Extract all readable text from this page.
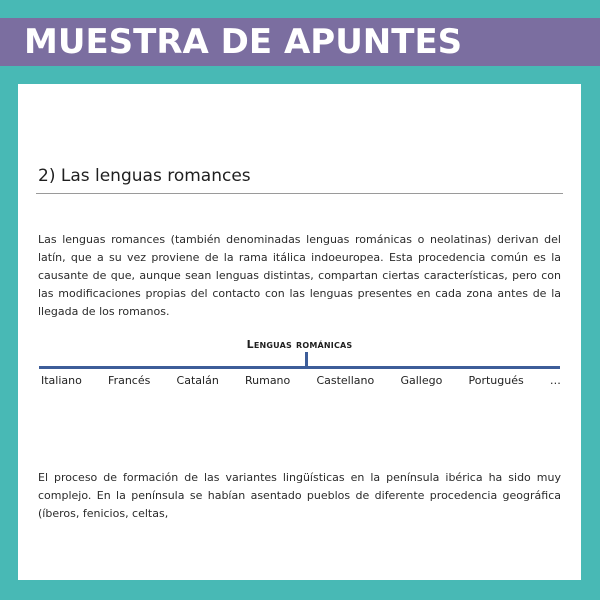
MUESTRA DE APUNTES
2) Las lenguas romances

Las lenguas romances (también denominadas lenguas románicas o neolatinas) derivan del latín, que a su vez proviene de la rama itálica indoeuropea. Esta procedencia común es la causante de que, aunque sean lenguas distintas, compartan ciertas características, pero con las modificaciones propias del contacto con las lenguas presentes en cada zona antes de la llegada de los romanos.

Lenguas románicas
Italiano Francés Catalán Rumano Castellano Gallego Portugués …

El proceso de formación de las variantes lingüísticas en la península ibérica ha sido muy complejo. En la península se habían asentado pueblos de diferente procedencia geográfica (íberos, fenicios, celtas,
